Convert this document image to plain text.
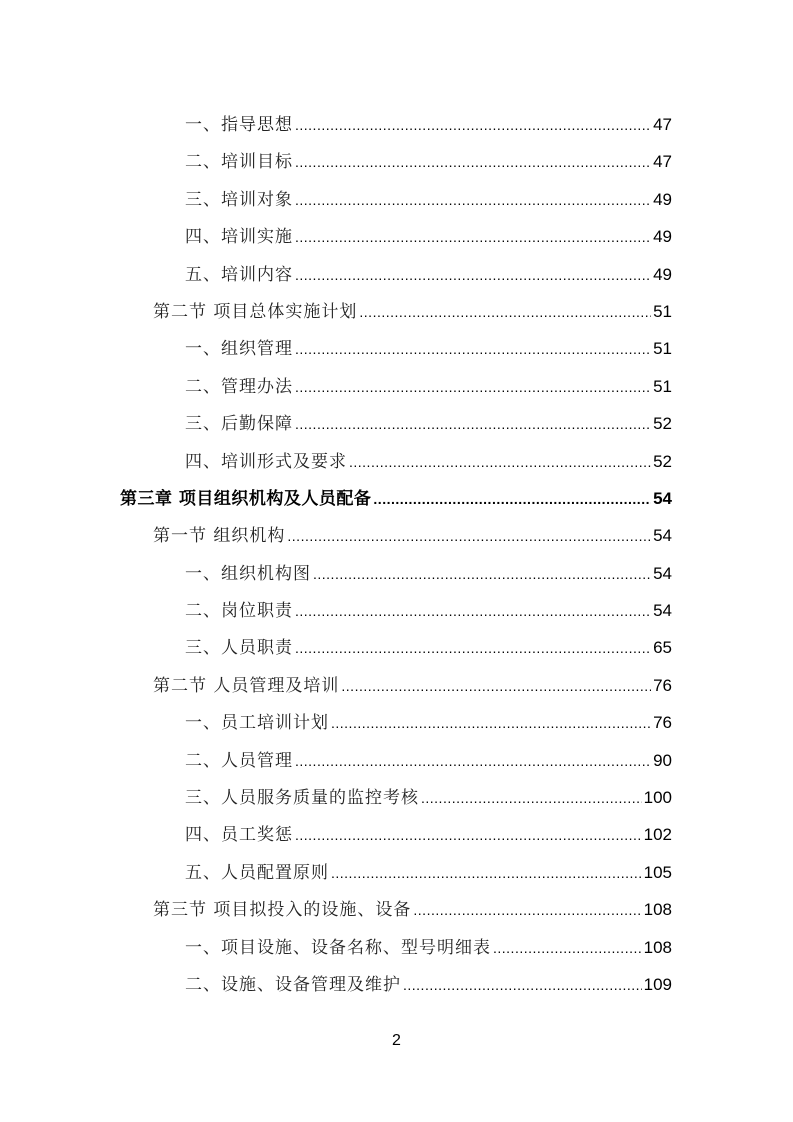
一、指导思想 .....	47
二、培训目标 .....	47
三、培训对象 .....	49
四、培训实施 .....	49
五、培训内容 .....	49
第二节 项目总体实施计划 .....	51
一、组织管理 .....	51
二、管理办法 .....	51
三、后勤保障 .....	52
四、培训形式及要求 .....	52
第三章 项目组织机构及人员配备 .....	54
第一节 组织机构 .....	54
一、组织机构图 .....	54
二、岗位职责 .....	54
三、人员职责 .....	65
第二节 人员管理及培训 .....	76
一、员工培训计划 .....	76
二、人员管理 .....	90
三、人员服务质量的监控考核 .....	100
四、员工奖惩 .....	102
五、人员配置原则 .....	105
第三节 项目拟投入的设施、设备 .....	108
一、项目设施、设备名称、型号明细表 .....	108
二、设施、设备管理及维护 .....	109
2
